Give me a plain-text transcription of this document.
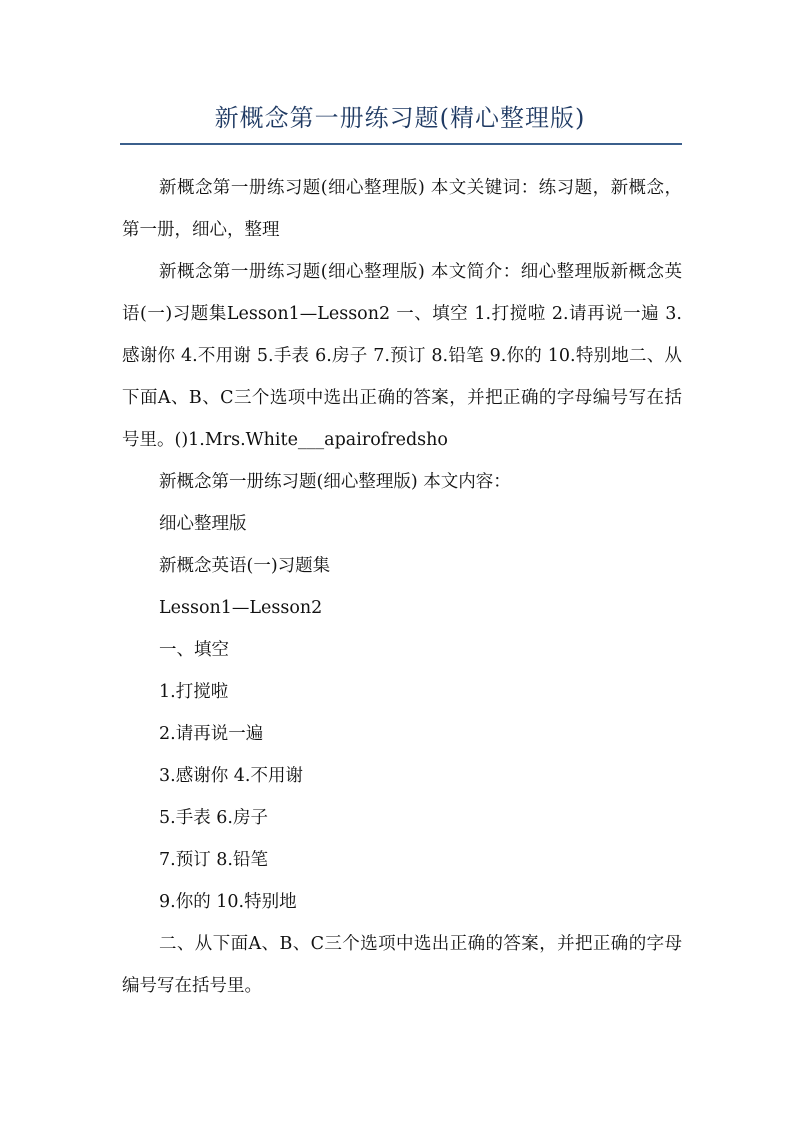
新概念第一册练习题(精心整理版)

新概念第一册练习题(细心整理版) 本文关键词：练习题，新概念，第一册，细心，整理

新概念第一册练习题(细心整理版) 本文简介：细心整理版新概念英语(一)习题集Lesson1—Lesson2 一、填空 1.打搅啦 2.请再说一遍 3.感谢你 4.不用谢 5.手表 6.房子 7.预订 8.铅笔 9.你的 10.特别地二、从下面A、B、C三个选项中选出正确的答案，并把正确的字母编号写在括号里。()1.Mrs.White___apairofredsho

新概念第一册练习题(细心整理版) 本文内容：

细心整理版

新概念英语(一)习题集

Lesson1—Lesson2

一、填空

1.打搅啦

2.请再说一遍

3.感谢你 4.不用谢

5.手表 6.房子

7.预订 8.铅笔

9.你的 10.特别地

二、从下面A、B、C三个选项中选出正确的答案，并把正确的字母编号写在括号里。
